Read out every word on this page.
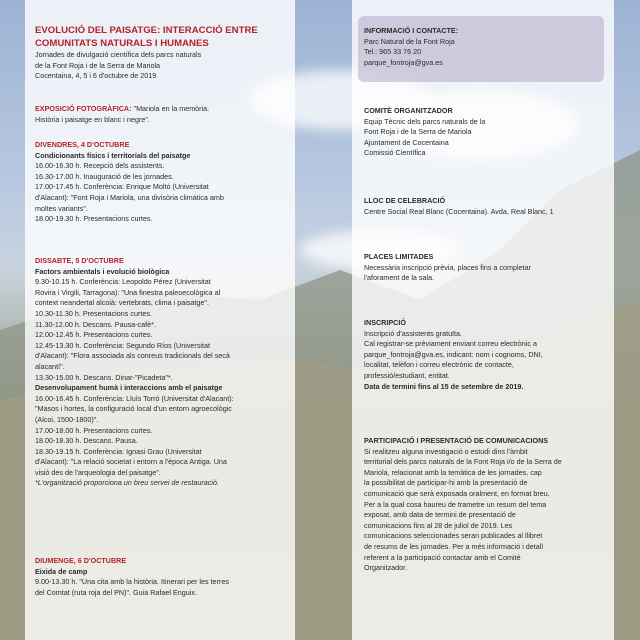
EVOLUCIÓ DEL PAISATGE: INTERACCIÓ ENTRE

COMUNITATS NATURALS I HUMANES

Jornades de divulgació científica dels parcs naturals

de la Font Roja i de la Serra de Mariola

Cocentaina, 4, 5 i 6 d'octubre de 2019

EXPOSICIÓ FOTOGRÀFICA: "Mariola en la memòria.

Història i paisatge en blanc i negre".

DIVENDRES, 4 D'OCTUBRE

Condicionants físics i territorials del paisatge

16.00-16.30 h. Recepció dels assistents.

16.30-17.00 h. Inauguració de les jornades.

17.00-17.45 h. Conferència: Enrique Moltó (Universitat

d'Alacant): "Font Roja i Mariola, una divisòria climàtica amb

moltes variants".

18.00-19.30 h. Presentacions curtes.

DISSABTE, 5 D'OCTUBRE

Factors ambientals i evolució biològica

9.30-10.15 h. Conferència: Leopoldo Pérez (Universitat

Rovira i Virgili, Tarragona): "Una finestra paleoecològica al

context neandertal alcoià: vertebrats, clima i paisatge".

10.30-11.30 h. Presentacions curtes.

11.30-12.00 h. Descans. Pausa-cafè*.

12.00-12.45 h. Presentacions curtes.

12.45-13.30 h. Conferència: Segundo Ríos (Universitat

d'Alacant): "Flora associada als conreus tradicionals del secà

alacantí".

13.30-15.00 h. Descans. Dinar-"Picadeta"*.

Desenvolupament humà i interaccions amb el paisatge

16.00-16.45 h. Conferència: Lluís Torró (Universitat d'Alacant):

"Masos i hortes, la configuració local d'un entorn agroecològic

(Alcoi, 1500-1800)".

17.00-18.00 h. Presentacions curtes.

18.00-18.30 h. Descans. Pausa.

18.30-19.15 h. Conferència: Ignasi Grau (Universitat

d'Alacant): "La relació societat i entorn a l'època Antiga. Una

visió des de l'arqueologia del paisatge".

*L'organització proporciona un breu servei de restauració.

DIUMENGE, 6 D'OCTUBRE

Eixida de camp

9.00-13.30 h. "Una cita amb la història. Itinerari per les terres

del Comtat (ruta roja del PN)". Guia Rafael Enguix.

INFORMACIÓ I CONTACTE:

Parc Natural de la Font Roja

Tel.: 965 33 76 20

parque_fontroja@gva.es

COMITÈ ORGANITZADOR

Equip Tècnic dels parcs naturals de la

Font Roja i de la Serra de Mariola

Ajuntament de Cocentaina

Comissió Científica

LLOC DE CELEBRACIÓ

Centre Social Real Blanc (Cocentaina). Avda, Real Blanc, 1

PLACES LIMITADES

Necessària inscripció prèvia, places fins a completar

l'aforament de la sala.

INSCRIPCIÓ

Inscripció d'assistents gratuïta.

Cal registrar-se prèviament enviant correu electrònic a

parque_fontroja@gva.es, indicant: nom i cognoms, DNI,

localitat, telèfon i correu electrònic de contacte,

professió/estudiant, entitat.

Data de termini fins al 15 de setembre de 2019.

PARTICIPACIÓ I PRESENTACIÓ DE COMUNICACIONS

Si realitzeu alguna investigació o estudi dins l'àmbit

territorial dels parcs naturals de la Font Roja i/o de la Serra de

Mariola, relacionat amb la temàtica de les jornades, cap

la possibilitat de participar-hi amb la presentació de

comunicació que serà exposada oralment, en format breu.

Per a la qual cosa haureu de trametre un resum del tema

exposat, amb data de termini de presentació de

comunicacions fins al 28 de juliol de 2019. Les

comunicacions seleccionades seran publicades al llibret

de resums de les jornades. Per a més informació i detall

referent a la participació contactar amb el Comitè

Organitzador.
